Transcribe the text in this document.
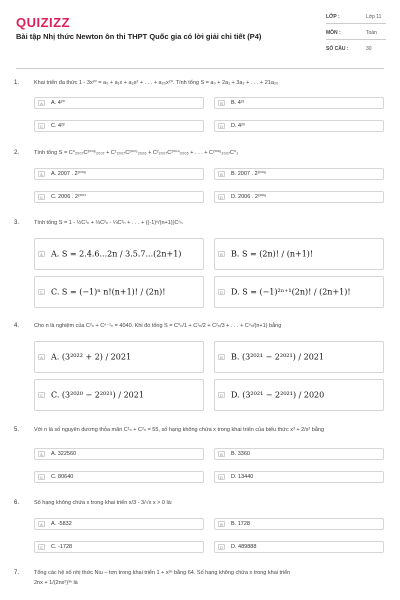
QUIZIZZ
Bài tập Nhị thức Newton ôn thi THPT Quốc gia có lời giải chi tiết (P4)
LỚP :	Lớp 11
MÔN :	Toán
SỐ CÂU :	30
1.	Khai triển đa thức 1 - 3x²⁰ = a₀ + a₁x + a₂x² + . . . + a₂₀x²⁰. Tính tổng S = a₀ + 2a₁ + 3a₂ + . . . + 21a₂₀
A	A. 4²⁰	B	B. 4²¹
C	C. 4²²	D	D. 4²³
2.	Tính tổng S = C⁰₂₀₀₇C²⁰⁰⁶₂₀₀₇ + C¹₂₀₀₇C²⁰⁰⁵₂₀₀₆ + C²₂₀₀₇C²⁰⁰⁴₂₀₀₅ + . . . + C²⁰⁰⁶₂₀₀₇C⁰₁
A	A. 2007 . 2²⁰⁰⁶	B	B. 2007 . 2²⁰⁰⁶
C	C. 2006 . 2²⁰⁰⁷	D	D. 2006 . 2²⁰⁰⁶
3.	Tính tổng S = 1 - ½C¹ₙ + ⅓C²ₙ - ¼C³ₙ + . . . + ((-1)ⁿ/(n+1))Cⁿₙ
A A. S = 2.4.6...2n / 3.5.7...(2n+1)	B B. S = (2n)! / (n+1)!
C C. S = (−1)ⁿ n!(n+1)! / (2n)!	D D. S = (−1)²ⁿ⁺¹(2n)! / (2n+1)!
4.	Cho n là nghiệm của C²ₙ + Cⁿ⁻¹ₙ = 4040. Khi đó tổng S = C⁰ₙ/1 + C¹ₙ/2 + C²ₙ/3 + . . . + Cⁿₙ/(n+1) bằng
A A. (3²⁰²² + 2) / 2021	B B. (3²⁰²¹ − 2²⁰²¹) / 2021
C C. (3²⁰²⁰ − 2²⁰²¹) / 2021	D D. (3²⁰²¹ − 2²⁰²¹) / 2020
5.	Với n là số nguyên dương thỏa mãn C¹ₙ + C²ₙ = 55, số hạng không chứa x trong khai triển của biểu thức x³ + 2/x² bằng
A	A. 322560	B	B. 3360
C	C. 80640	D	D. 13440
6.	Số hạng không chứa x trong khai triển x/3 - 3/√x x > 0 là:
A	A. -5832	B	B. 1728
C	C. -1728	D	D. 489888
7.	Tổng các hệ số nhị thức Niu – tơn trong khai triển 1 + x³ⁿ bằng 64. Số hạng không chứa x trong khai triển
2nx + 1/(2nx²)³ⁿ là
